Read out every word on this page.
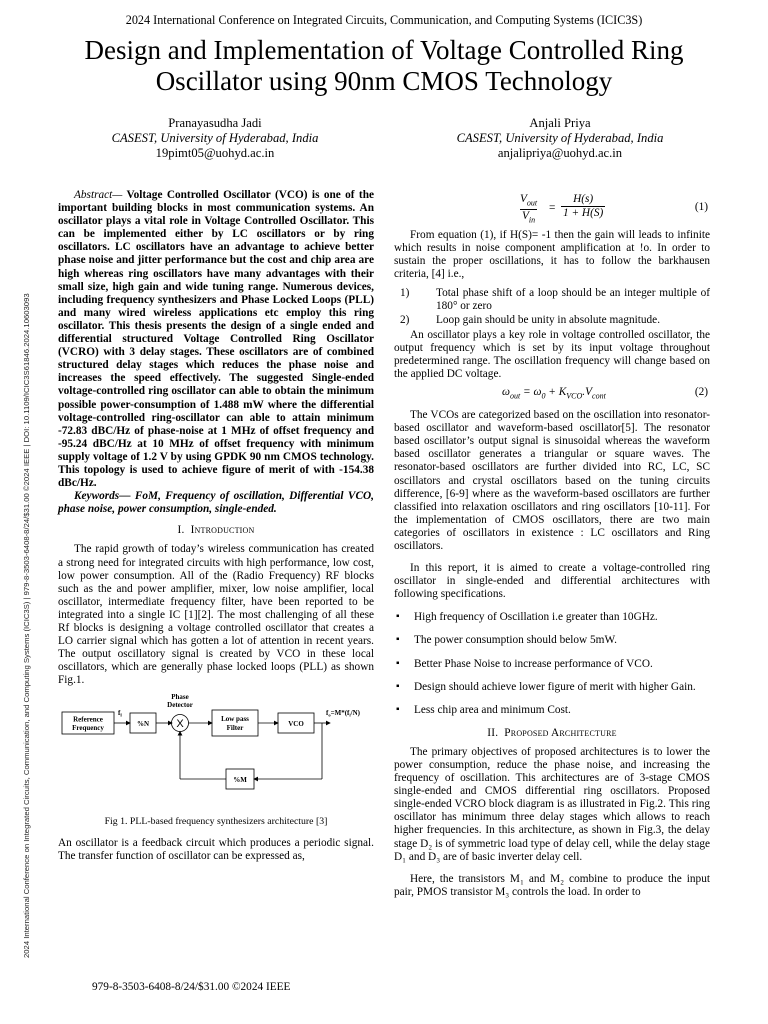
2024 International Conference on Integrated Circuits, Communication, and Computing Systems (ICIC3S)
Design and Implementation of Voltage Controlled Ring Oscillator using 90nm CMOS Technology
Pranayasudha Jadi
CASEST, University of Hyderabad, India
19pimt05@uohyd.ac.in
Anjali Priya
CASEST, University of Hyderabad, India
anjalipriya@uohyd.ac.in
2024 International Conference on Integrated Circuits, Communication, and Computing Systems (ICIC3S) | 979-8-3503-6408-8/24/$31.00 ©2024 IEEE | DOI: 10.1109/ICIC3S61846.2024.10603093

Abstract— Voltage Controlled Oscillator (VCO) is one of the important building blocks in most communication systems. An oscillator plays a vital role in Voltage Controlled Oscillator. This can be implemented either by LC oscillators or by ring oscillators. LC oscillators have an advantage to achieve better phase noise and jitter performance but the cost and chip area are high whereas ring oscillators have many advantages with their small size, high gain and wide tuning range. Numerous devices, including frequency synthesizers and Phase Locked Loops (PLL) and many wired wireless applications etc employ this ring oscillator. This thesis presents the design of a single ended and differential structured Voltage Controlled Ring Oscillator (VCRO) with 3 delay stages. These oscillators are of combined structured delay stages which reduces the phase noise and increases the speed effectively. The suggested Single-ended voltage-controlled ring oscillator can able to obtain the minimum possible power-consumption of 1.488 mW where the differential voltage-controlled ring-oscillator can able to attain minimum -72.83 dBC/Hz of phase-noise at 1 MHz of offset frequency and -95.24 dBC/Hz at 10 MHz of offset frequency with minimum supply voltage of 1.2 V by using GPDK 90 nm CMOS technology. This topology is used to achieve figure of merit of with -154.38 dBc/Hz.

Keywords— FoM, Frequency of oscillation, Differential VCO, phase noise, power consumption, single-ended.

I. Introduction

The rapid growth of today’s wireless communication has created a strong need for integrated circuits with high performance, low cost, low power consumption. All of the (Radio Frequency) RF blocks such as the and power amplifier, mixer, low noise amplifier, local oscillator, intermediate frequency filter, have been reported to be integrated into a single IC [1][2]. The most challenging of all these Rf blocks is designing a voltage controlled oscillator that creates a LO carrier signal which has gotten a lot of attention in recent years. The output oscillatory signal is created by VCO in these local oscillators, which are generally phase locked loops (PLL) as shown Fig.1.

Reference
Frequency
$f_i$
%N
Phase
Detector
X	Low pass
Filter	VCO
$f_o=M*(f_i/N)$
%M
Fig 1. PLL-based frequency synthesizers architecture [3]

An oscillator is a feedback circuit which produces a periodic signal. The transfer function of oscillator can be expressed as,

$V_{out}$
$V_{in}$
= $\frac{H(s)}{1 + H(S)}$	(1)

From equation (1), if H(S)= -1 then the gain will leads to infinite which results in noise component amplification at !o. In order to sustain the proper oscillations, it has to follow the barkhausen criteria, [4] i.e.,

1) Total phase shift of a loop should be an integer multiple of 180° or zero
2) Loop gain should be unity in absolute magnitude.

An oscillator plays a key role in voltage controlled oscillator, the output frequency which is set by its input voltage throughout predetermined range. The oscillation frequency will change based on the applied DC voltage.

$\omega_{out} = \omega_0 + K_{VCO}.V_{cont}$	(2)

The VCOs are categorized based on the oscillation into resonator-based oscillator and waveform-based oscillator[5]. The resonator based oscillator’s output signal is sinusoidal whereas the waveform based oscillator generates a triangular or square waves. The resonator-based oscillators are further divided into RC, LC, SC oscillators and crystal oscillators based on the tuning circuits difference, [6-9] where as the waveform-based oscillators are further classified into relaxation oscillators and ring oscillators [10-11]. For the implementation of CMOS oscillators, there are two main categories of oscillators in existence : LC oscillators and Ring oscillators.

In this report, it is aimed to create a voltage-controlled ring oscillator in single-ended and differential architectures with following specifications.

▪ High frequency of Oscillation i.e greater than 10GHz.
▪ The power consumption should below 5mW.
▪ Better Phase Noise to increase performance of VCO.
▪ Design should achieve lower figure of merit with higher Gain.
▪ Less chip area and minimum Cost.
II. Proposed Architecture

The primary objectives of proposed architectures is to lower the power consumption, reduce the phase noise, and increasing the frequency of oscillation. This architectures are of 3-stage CMOS single-ended and CMOS differential ring oscillators. Proposed single-ended VCRO block diagram is as illustrated in Fig.2. This ring oscillator has minimum three delay stages which allows to reach higher frequencies. In this architecture, as shown in Fig.3, the delay stage D₂ is of symmetric load type of delay cell, while the delay stage D₁ and D₃ are of basic inverter delay cell.

Here, the transistors M₁ and M₂ combine to produce the input pair, PMOS transistor M₃ controls the load. In order to

979-8-3503-6408-8/24/$31.00 ©2024 IEEE
